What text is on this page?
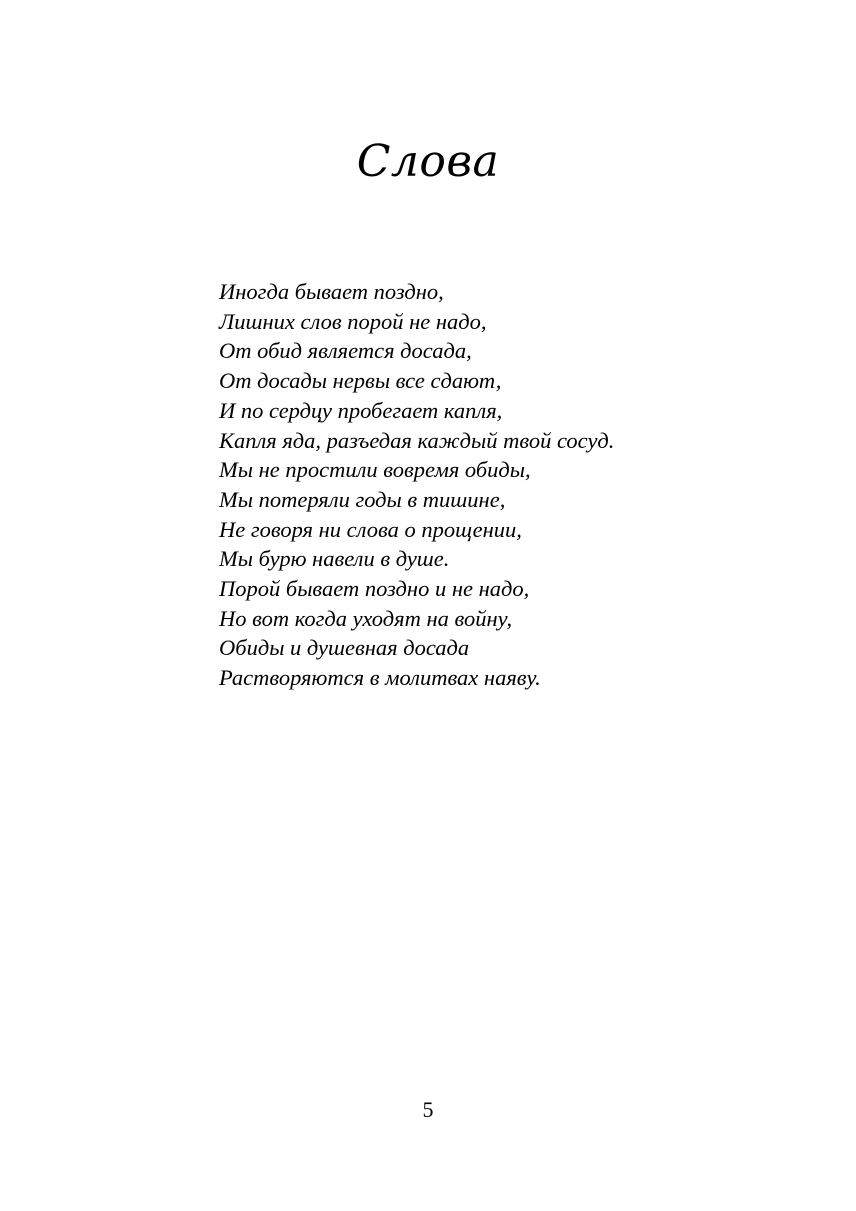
Слова
Иногда бывает поздно,
Лишних слов порой не надо,
От обид является досада,
От досады нервы все сдают,
И по сердцу пробегает капля,
Капля яда, разъедая каждый твой сосуд.
Мы не простили вовремя обиды,
Мы потеряли годы в тишине,
Не говоря ни слова о прощении,
Мы бурю навели в душе.
Порой бывает поздно и не надо,
Но вот когда уходят на войну,
Обиды и душевная досада
Растворяются в молитвах наяву.
5
